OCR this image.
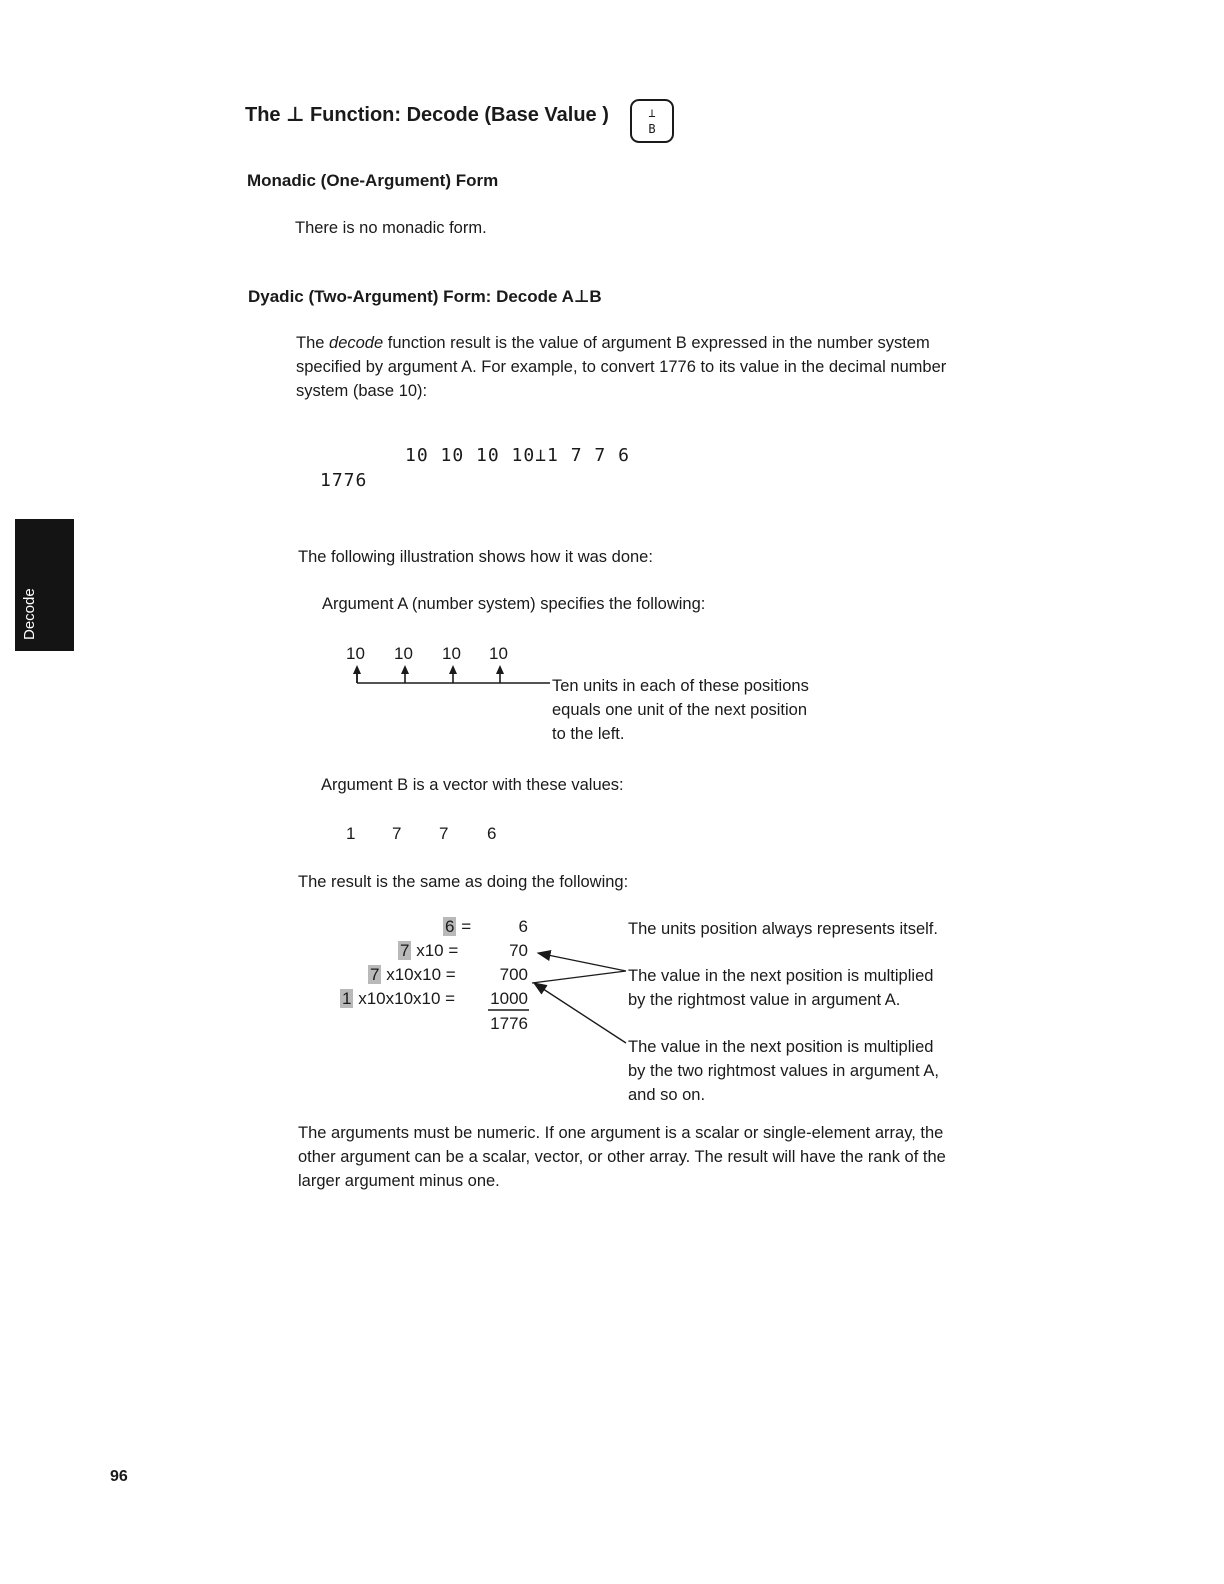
The ⊥ Function: Decode (Base Value )	⊥
B
Monadic (One-Argument) Form
There is no monadic form.
Dyadic (Two-Argument) Form: Decode A⊥B
The decode function result is the value of argument B expressed in the number system specified by argument A. For example, to convert 1776 to its value in the decimal number system (base 10):
10 10 10 10⊥1 7 7 6
1776
Decode
The following illustration shows how it was done:
Argument A (number system) specifies the following:
10 10 10 10
Ten units in each of these positions
equals one unit of the next position
to the left.
Argument B is a vector with these values:
1 7 7 6
The result is the same as doing the following:
6 =
7 x10 =
7 x10x10 =
1 x10x10x10 =
6
70
700
1000
1776
The units position always represents itself.
The value in the next position is multiplied
by the rightmost value in argument A.
The value in the next position is multiplied
by the two rightmost values in argument A,
and so on.
The arguments must be numeric. If one argument is a scalar or single-element array, the other argument can be a scalar, vector, or other array. The result will have the rank of the larger argument minus one.
96
